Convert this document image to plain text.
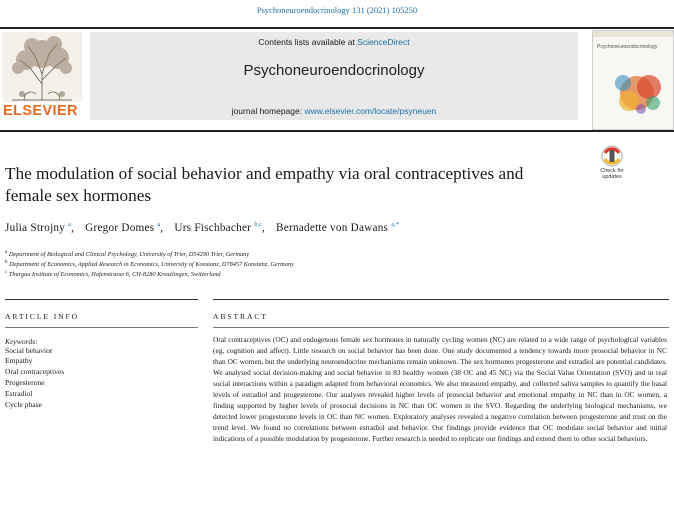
Psychoneuroendocrinology 131 (2021) 105250
ELSEVIER
Contents lists available at ScienceDirect
Psychoneuroendocrinology
journal homepage: www.elsevier.com/locate/psyneuen
Psychoneuroendocrinology
The modulation of social behavior and empathy via oral contraceptives and
female sex hormones
Check for
updates
Julia Strojny $^a$, Gregor Domes $^a$, Urs Fischbacher $^{b,c}$, Bernadette von Dawans $^{a,*}$
$^a$ Department of Biological and Clinical Psychology, University of Trier, D54290 Trier, Germany
$^b$ Department of Economics, Applied Research in Economics, University of Konstanz, D78457 Konstanz, Germany
$^c$ Thurgau Institute of Economics, Hafenstrasse 6, CH-8280 Kreuzlingen, Switzerland
ARTICLE INFO
Keywords:
Social behavior
Empathy
Oral contraceptives
Progesterone
Estradiol
Cycle phase
ABSTRACT
Oral contraceptives (OC) and endogenous female sex hormones in naturally cycling women (NC) are related to a wide range of psychological variables (eg, cognition and affect). Little research on social behavior has been done. One study documented a tendency towards more prosocial behavior in NC than OC women, but the underlying neuroendocrine mechanisms remain unknown. The sex hormones progesterone and estradiol are potential candidates. We analysed social decision-making and social behavior in 83 healthy women (38 OC and 45 NC) via the Social Value Orientation (SVO) and in real social interactions within a paradigm adapted from behavioral economics. We also measured empathy, and collected saliva samples to quantify the basal levels of estradiol and progesterone. Our analyses revealed higher levels of prosocial behavior and emotional empathy in NC than in OC women, a finding supported by higher levels of prosocial decisions in NC than OC women in the SVO. Regarding the underlying biological mechanisms, we detected lower progesterone levels in OC than NC women. Exploratory analyses revealed a negative correlation between progesterone and trust on the trend level. We found no correlations between estradiol and behavior. Our findings provide evidence that OC modulate social behavior and initial indications of a possible modulation by progesterone. Further research is needed to replicate our findings and extend them to other social behaviors.
